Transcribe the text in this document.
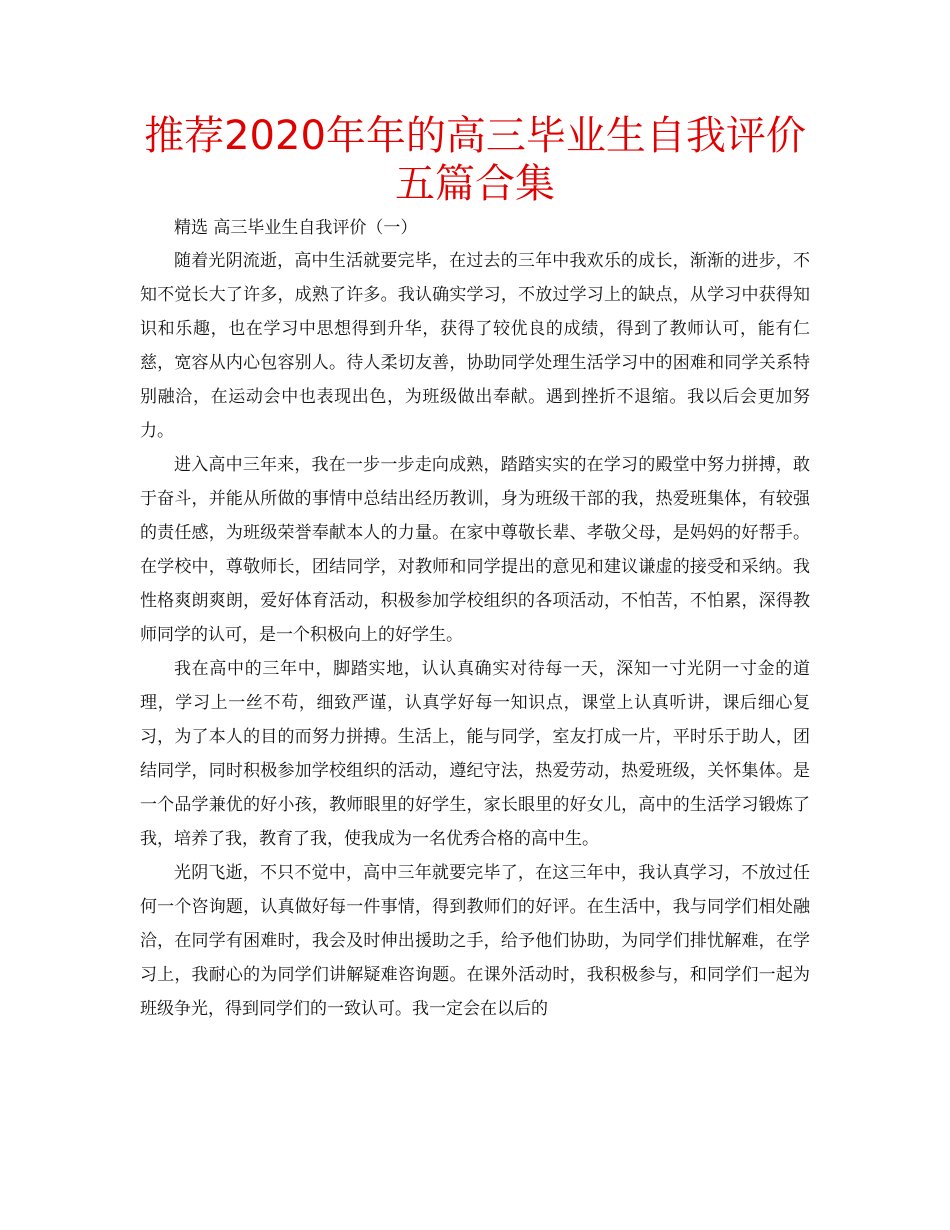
推荐2020年年的高三毕业生自我评价五篇合集

精选 高三毕业生自我评价（一）

随着光阴流逝，高中生活就要完毕，在过去的三年中我欢乐的成长，渐渐的进步，不知不觉长大了许多，成熟了许多。我认确实学习，不放过学习上的缺点，从学习中获得知识和乐趣，也在学习中思想得到升华，获得了较优良的成绩，得到了教师认可，能有仁慈，宽容从内心包容别人。待人柔切友善，协助同学处理生活学习中的困难和同学关系特别融洽，在运动会中也表现出色，为班级做出奉献。遇到挫折不退缩。我以后会更加努力。

进入高中三年来，我在一步一步走向成熟，踏踏实实的在学习的殿堂中努力拼搏，敢于奋斗，并能从所做的事情中总结出经历教训，身为班级干部的我，热爱班集体，有较强的责任感，为班级荣誉奉献本人的力量。在家中尊敬长辈、孝敬父母，是妈妈的好帮手。在学校中，尊敬师长，团结同学，对教师和同学提出的意见和建议谦虚的接受和采纳。我性格爽朗爽朗，爱好体育活动，积极参加学校组织的各项活动，不怕苦，不怕累，深得教师同学的认可，是一个积极向上的好学生。

我在高中的三年中，脚踏实地，认认真确实对待每一天，深知一寸光阴一寸金的道理，学习上一丝不苟，细致严谨，认真学好每一知识点，课堂上认真听讲，课后细心复习，为了本人的目的而努力拼搏。生活上，能与同学，室友打成一片，平时乐于助人，团结同学，同时积极参加学校组织的活动，遵纪守法，热爱劳动，热爱班级，关怀集体。是一个品学兼优的好小孩，教师眼里的好学生，家长眼里的好女儿，高中的生活学习锻炼了我，培养了我，教育了我，使我成为一名优秀合格的高中生。

光阴飞逝，不只不觉中，高中三年就要完毕了，在这三年中，我认真学习，不放过任何一个咨询题，认真做好每一件事情，得到教师们的好评。在生活中，我与同学们相处融洽，在同学有困难时，我会及时伸出援助之手，给予他们协助，为同学们排忧解难，在学习上，我耐心的为同学们讲解疑难咨询题。在课外活动时，我积极参与，和同学们一起为班级争光，得到同学们的一致认可。我一定会在以后的
